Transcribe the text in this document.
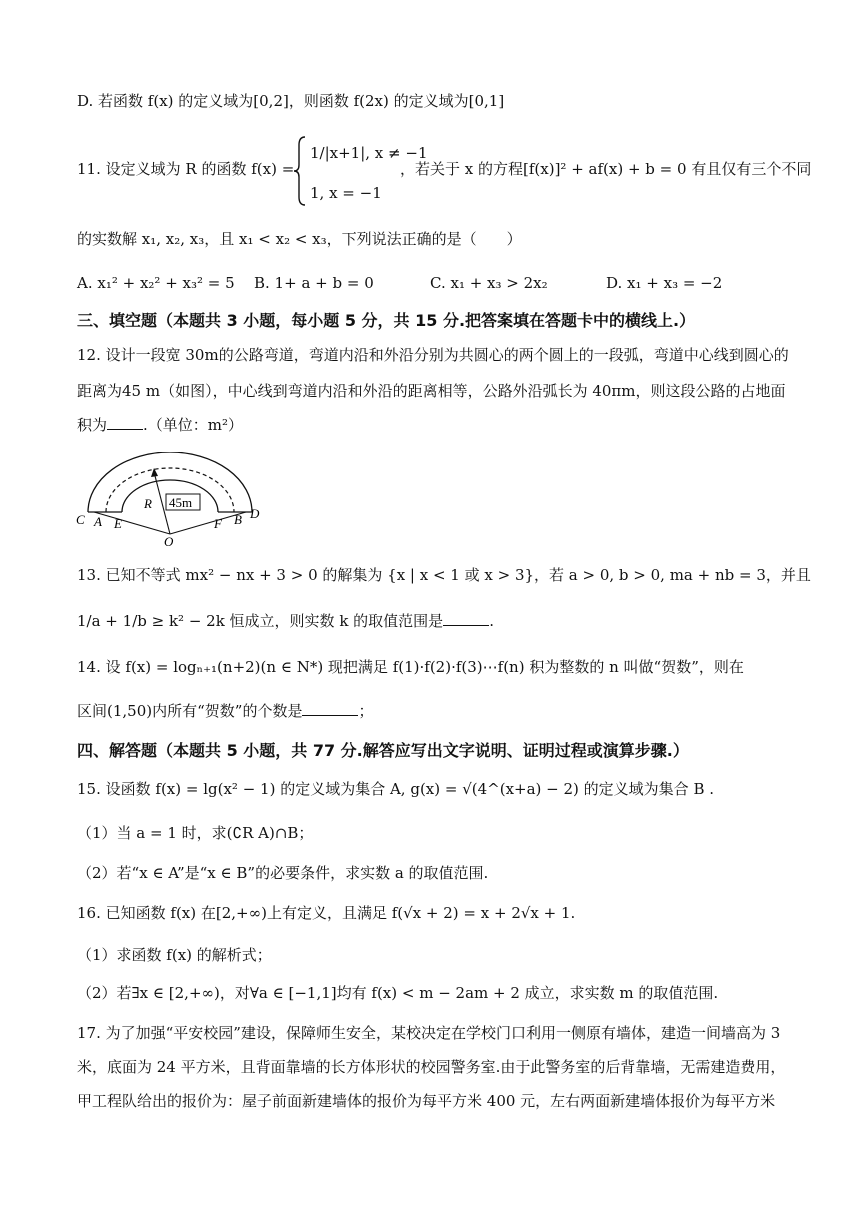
D. 若函数 f(x) 的定义域为[0,2]，则函数 f(2x) 的定义域为[0,1]
11. 设定义域为 R 的函数 f(x) =
1/|x+1|, x ≠ −1
1, x = −1
，若关于 x 的方程[f(x)]² + af(x) + b = 0 有且仅有三个不同
的实数解 x₁, x₂, x₃，且 x₁ < x₂ < x₃，下列说法正确的是（　　）
A. x₁² + x₂² + x₃² = 5 B. 1+ a + b = 0	C. x₁ + x₃ > 2x₂	D. x₁ + x₃ = −2
三、填空题（本题共 3 小题，每小题 5 分，共 15 分.把答案填在答题卡中的横线上.）
12. 设计一段宽 30m的公路弯道，弯道内沿和外沿分别为共圆心的两个圆上的一段弧，弯道中心线到圆心的
距离为45 m（如图），中心线到弯道内沿和外沿的距离相等，公路外沿弧长为 40πm，则这段公路的占地面
积为 .（单位：m²）
45m
R
C A E
O
F B D
13. 已知不等式 mx² − nx + 3 > 0 的解集为 {x | x < 1 或 x > 3}，若 a > 0, b > 0, ma + nb = 3，并且
1/a + 1/b ≥ k² − 2k 恒成立，则实数 k 的取值范围是	.
14. 设 f(x) = logₙ₊₁(n+2)(n ∈ N*) 现把满足 f(1)·f(2)·f(3)⋯f(n) 积为整数的 n 叫做“贺数”，则在
区间(1,50)内所有“贺数”的个数是	；
四、解答题（本题共 5 小题，共 77 分.解答应写出文字说明、证明过程或演算步骤.）
15. 设函数 f(x) = lg(x² − 1) 的定义域为集合 A, g(x) = √(4^(x+a) − 2) 的定义域为集合 B .
（1）当 a = 1 时，求(∁R A)∩B；
（2）若“x ∈ A”是“x ∈ B”的必要条件，求实数 a 的取值范围.
16. 已知函数 f(x) 在[2,+∞)上有定义，且满足 f(√x + 2) = x + 2√x + 1.
（1）求函数 f(x) 的解析式；
（2）若∃x ∈ [2,+∞)，对∀a ∈ [−1,1]均有 f(x) < m − 2am + 2 成立，求实数 m 的取值范围.
17. 为了加强“平安校园”建设，保障师生安全，某校决定在学校门口利用一侧原有墙体，建造一间墙高为 3
米，底面为 24 平方米，且背面靠墙的长方体形状的校园警务室.由于此警务室的后背靠墙，无需建造费用，
甲工程队给出的报价为：屋子前面新建墙体的报价为每平方米 400 元，左右两面新建墙体报价为每平方米
